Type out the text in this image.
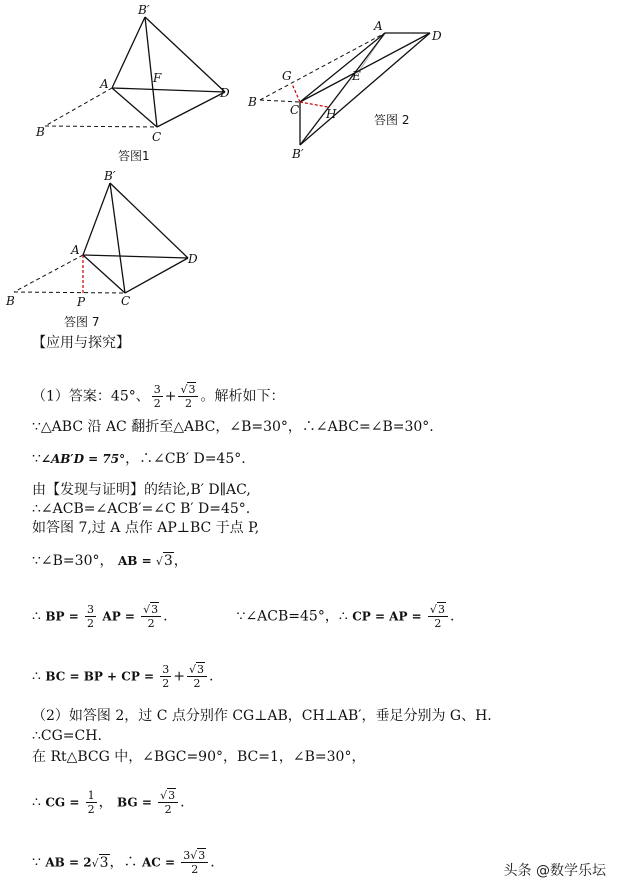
B′
A	F
D
B	C
答图1
A
D
G	E
B
C H
B′
答图 2
B′
A
D
B	P	C
答图 7
【应用与探究】
（1）答案：45°、 $\frac{3}{2} + \frac{√3}{2}$ 。解析如下：
∵△ABC 沿 AC 翻折至△ABC，∠B=30°，∴∠ABC=∠B=30°.
∵∠AB′D = 75°，∴∠CB′ D=45°.
由【发现与证明】的结论,B′ D∥AC,
∴∠ACB=∠ACB′=∠C B′ D=45°.
如答图 7,过 A 点作 AP⊥BC 于点 P,
∵∠B=30°， AB = √3，
∴ BP = $\frac{3}{2}$ AP = $\frac{√3}{2}$ .	∵∠ACB=45°，∴ CP = AP = $\frac{√3}{2}$ .
∴ BC = BP + CP = $\frac{3}{2} + \frac{√3}{2}$ .
（2）如答图 2，过 C 点分别作 CG⊥AB，CH⊥AB′，垂足分别为 G、H.
∴CG=CH.
在 Rt△BCG 中，∠BGC=90°，BC=1，∠B=30°，
∴ CG = $\frac{1}{2}$ ， BG = $\frac{√3}{2}$ .
∵ AB = 2√3，∴ AC = $\frac{3√3}{2}$ .
头条 @数学乐坛
